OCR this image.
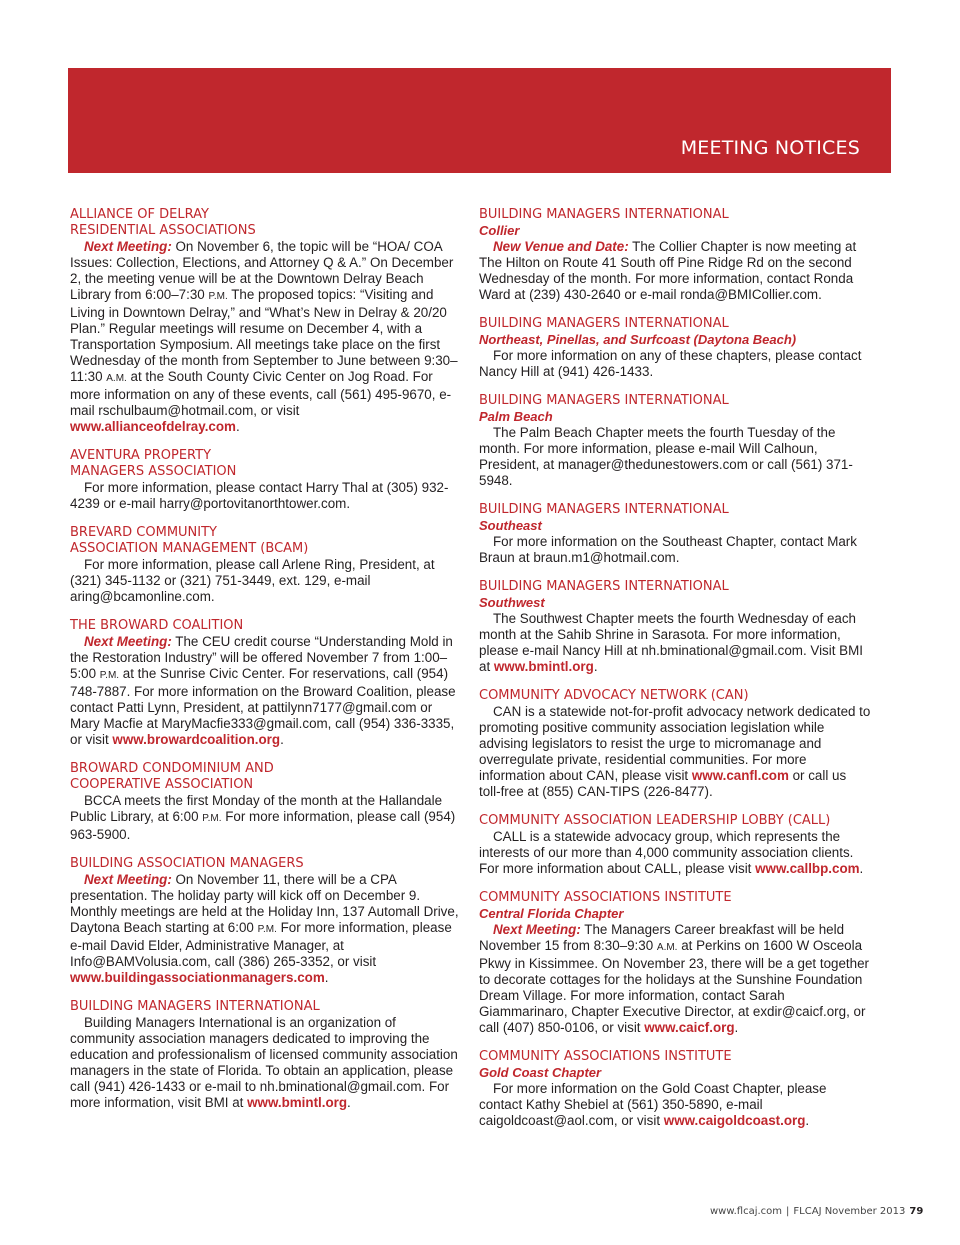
MEETING NOTICES
ALLIANCE OF DELRAY
RESIDENTIAL ASSOCIATIONS

Next Meeting: On November 6, the topic will be “HOA/ COA Issues: Collection, Elections, and Attorney Q & A.” On December 2, the meeting venue will be at the Downtown Delray Beach Library from 6:00–7:30 P.M. The proposed topics: “Visiting and Living in Downtown Delray,” and “What’s New in Delray & 20/20 Plan.” Regular meetings will resume on December 4, with a Transportation Symposium. All meetings take place on the first Wednesday of the month from September to June between 9:30–11:30 A.M. at the South County Civic Center on Jog Road. For more information on any of these events, call (561) 495-9670, e-mail rschulbaum@hotmail.com, or visit www.allianceofdelray.com.

AVENTURA PROPERTY
MANAGERS ASSOCIATION

For more information, please contact Harry Thal at (305) 932-4239 or e-mail harry@portovitanorthtower.com.

BREVARD COMMUNITY
ASSOCIATION MANAGEMENT (BCAM)

For more information, please call Arlene Ring, President, at (321) 345-1132 or (321) 751-3449, ext. 129, e-mail aring@bcamonline.com.

THE BROWARD COALITION

Next Meeting: The CEU credit course “Understanding Mold in the Restoration Industry” will be offered November 7 from 1:00–5:00 P.M. at the Sunrise Civic Center. For reservations, call (954) 748-7887. For more information on the Broward Coalition, please contact Patti Lynn, President, at pattilynn7177@gmail.com or Mary Macfie at MaryMacfie333@gmail.com, call (954) 336-3335, or visit www.browardcoalition.org.

BROWARD CONDOMINIUM AND
COOPERATIVE ASSOCIATION

BCCA meets the first Monday of the month at the Hallandale Public Library, at 6:00 P.M. For more information, please call (954) 963-5900.

BUILDING ASSOCIATION MANAGERS

Next Meeting: On November 11, there will be a CPA presentation. The holiday party will kick off on December 9. Monthly meetings are held at the Holiday Inn, 137 Automall Drive, Daytona Beach starting at 6:00 P.M. For more information, please e-mail David Elder, Administrative Manager, at Info@BAMVolusia.com, call (386) 265-3352, or visit www.buildingassociationmanagers.com.

BUILDING MANAGERS INTERNATIONAL

Building Managers International is an organization of community association managers dedicated to improving the education and professionalism of licensed community association managers in the state of Florida. To obtain an application, please call (941) 426-1433 or e-mail to nh.bminational@gmail.com. For more information, visit BMI at www.bmintl.org.

BUILDING MANAGERS INTERNATIONAL
Collier

New Venue and Date: The Collier Chapter is now meeting at The Hilton on Route 41 South off Pine Ridge Rd on the second Wednesday of the month. For more information, contact Ronda Ward at (239) 430-2640 or e-mail ronda@BMICollier.com.

BUILDING MANAGERS INTERNATIONAL
Northeast, Pinellas, and Surfcoast (Daytona Beach)

For more information on any of these chapters, please contact Nancy Hill at (941) 426-1433.

BUILDING MANAGERS INTERNATIONAL
Palm Beach

The Palm Beach Chapter meets the fourth Tuesday of the month. For more information, please e-mail Will Calhoun, President, at manager@thedunestowers.com or call (561) 371-5948.

BUILDING MANAGERS INTERNATIONAL
Southeast

For more information on the Southeast Chapter, contact Mark Braun at braun.m1@hotmail.com.

BUILDING MANAGERS INTERNATIONAL
Southwest

The Southwest Chapter meets the fourth Wednesday of each month at the Sahib Shrine in Sarasota. For more information, please e-mail Nancy Hill at nh.bminational@gmail.com. Visit BMI at www.bmintl.org.

COMMUNITY ADVOCACY NETWORK (CAN)

CAN is a statewide not-for-profit advocacy network dedicated to promoting positive community association legislation while advising legislators to resist the urge to micromanage and overregulate private, residential communities. For more information about CAN, please visit www.canfl.com or call us toll-free at (855) CAN-TIPS (226-8477).

COMMUNITY ASSOCIATION LEADERSHIP LOBBY (CALL)

CALL is a statewide advocacy group, which represents the interests of our more than 4,000 community association clients. For more information about CALL, please visit www.callbp.com.

COMMUNITY ASSOCIATIONS INSTITUTE
Central Florida Chapter

Next Meeting: The Managers Career breakfast will be held November 15 from 8:30–9:30 A.M. at Perkins on 1600 W Osceola Pkwy in Kissimmee. On November 23, there will be a get together to decorate cottages for the holidays at the Sunshine Foundation Dream Village. For more information, contact Sarah Giammarinaro, Chapter Executive Director, at exdir@caicf.org, or call (407) 850-0106, or visit www.caicf.org.

COMMUNITY ASSOCIATIONS INSTITUTE
Gold Coast Chapter

For more information on the Gold Coast Chapter, please contact Kathy Shebiel at (561) 350-5890, e-mail caigoldcoast@aol.com, or visit www.caigoldcoast.org.

www.flcaj.com | FLCAJ November 2013 79
